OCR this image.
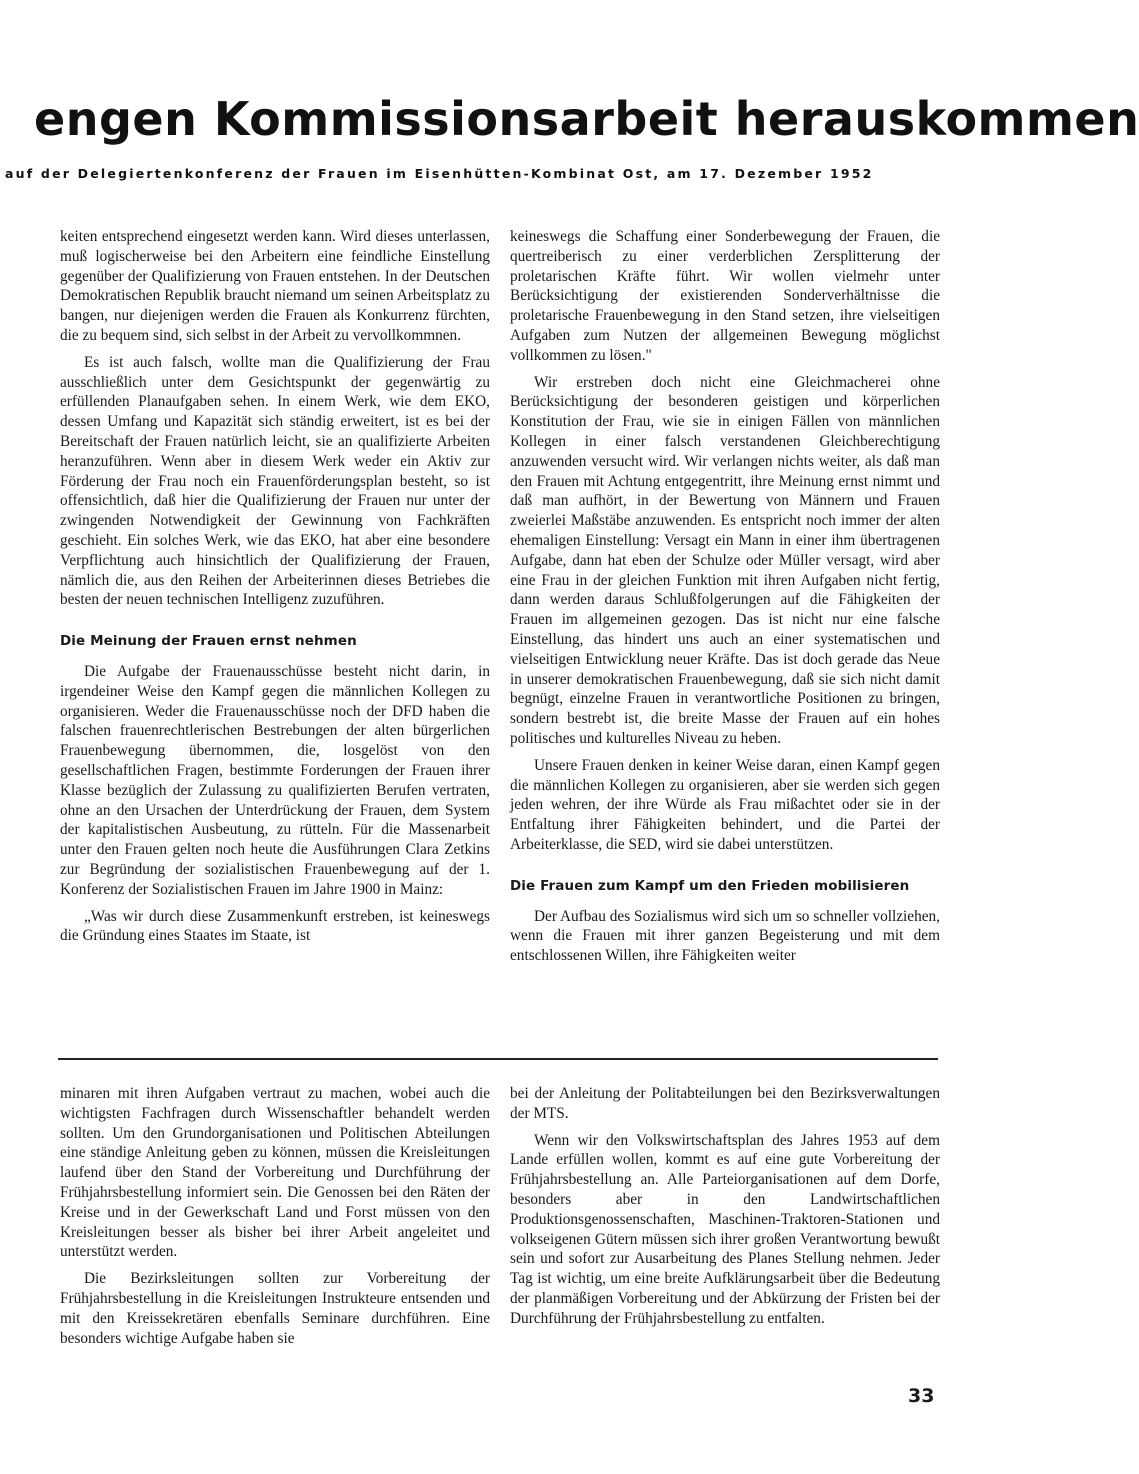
engen Kommissionsarbeit herauskommen
auf der Delegiertenkonferenz der Frauen im Eisenhütten-Kombinat Ost, am 17. Dezember 1952

keiten entsprechend eingesetzt werden kann. Wird dieses unterlassen, muß logischerweise bei den Arbeitern eine feindliche Einstellung gegenüber der Qualifizierung von Frauen entstehen. In der Deutschen Demokratischen Republik braucht niemand um seinen Arbeitsplatz zu bangen, nur diejenigen werden die Frauen als Konkurrenz fürchten, die zu bequem sind, sich selbst in der Arbeit zu vervollkommnen.

Es ist auch falsch, wollte man die Qualifizierung der Frau ausschließlich unter dem Gesichtspunkt der gegenwärtig zu erfüllenden Planaufgaben sehen. In einem Werk, wie dem EKO, dessen Umfang und Kapazität sich ständig erweitert, ist es bei der Bereitschaft der Frauen natürlich leicht, sie an qualifizierte Arbeiten heranzuführen. Wenn aber in diesem Werk weder ein Aktiv zur Förderung der Frau noch ein Frauenförderungsplan besteht, so ist offensichtlich, daß hier die Qualifizierung der Frauen nur unter der zwingenden Notwendigkeit der Gewinnung von Fachkräften geschieht. Ein solches Werk, wie das EKO, hat aber eine besondere Verpflichtung auch hinsichtlich der Qualifizierung der Frauen, nämlich die, aus den Reihen der Arbeiterinnen dieses Betriebes die besten der neuen technischen Intelligenz zuzuführen.

Die Meinung der Frauen ernst nehmen

Die Aufgabe der Frauenausschüsse besteht nicht darin, in irgendeiner Weise den Kampf gegen die männlichen Kollegen zu organisieren. Weder die Frauenausschüsse noch der DFD haben die falschen frauenrechtlerischen Bestrebungen der alten bürgerlichen Frauenbewegung übernommen, die, losgelöst von den gesellschaftlichen Fragen, bestimmte Forderungen der Frauen ihrer Klasse bezüglich der Zulassung zu qualifizierten Berufen vertraten, ohne an den Ursachen der Unterdrückung der Frauen, dem System der kapitalistischen Ausbeutung, zu rütteln. Für die Massenarbeit unter den Frauen gelten noch heute die Ausführungen Clara Zetkins zur Begründung der sozialistischen Frauenbewegung auf der 1. Konferenz der Sozialistischen Frauen im Jahre 1900 in Mainz:

„Was wir durch diese Zusammenkunft erstreben, ist keineswegs die Gründung eines Staates im Staate, ist

keineswegs die Schaffung einer Sonderbewegung der Frauen, die quertreiberisch zu einer verderblichen Zersplitterung der proletarischen Kräfte führt. Wir wollen vielmehr unter Berücksichtigung der existierenden Sonderverhältnisse die proletarische Frauenbewegung in den Stand setzen, ihre vielseitigen Aufgaben zum Nutzen der allgemeinen Bewegung möglichst vollkommen zu lösen."

Wir erstreben doch nicht eine Gleichmacherei ohne Berücksichtigung der besonderen geistigen und körperlichen Konstitution der Frau, wie sie in einigen Fällen von männlichen Kollegen in einer falsch verstandenen Gleichberechtigung anzuwenden versucht wird. Wir verlangen nichts weiter, als daß man den Frauen mit Achtung entgegentritt, ihre Meinung ernst nimmt und daß man aufhört, in der Bewertung von Männern und Frauen zweierlei Maßstäbe anzuwenden. Es entspricht noch immer der alten ehemaligen Einstellung: Versagt ein Mann in einer ihm übertragenen Aufgabe, dann hat eben der Schulze oder Müller versagt, wird aber eine Frau in der gleichen Funktion mit ihren Aufgaben nicht fertig, dann werden daraus Schlußfolgerungen auf die Fähigkeiten der Frauen im allgemeinen gezogen. Das ist nicht nur eine falsche Einstellung, das hindert uns auch an einer systematischen und vielseitigen Entwicklung neuer Kräfte. Das ist doch gerade das Neue in unserer demokratischen Frauenbewegung, daß sie sich nicht damit begnügt, einzelne Frauen in verantwortliche Positionen zu bringen, sondern bestrebt ist, die breite Masse der Frauen auf ein hohes politisches und kulturelles Niveau zu heben.

Unsere Frauen denken in keiner Weise daran, einen Kampf gegen die männlichen Kollegen zu organisieren, aber sie werden sich gegen jeden wehren, der ihre Würde als Frau mißachtet oder sie in der Entfaltung ihrer Fähigkeiten behindert, und die Partei der Arbeiterklasse, die SED, wird sie dabei unterstützen.

Die Frauen zum Kampf um den Frieden mobilisieren

Der Aufbau des Sozialismus wird sich um so schneller vollziehen, wenn die Frauen mit ihrer ganzen Begeisterung und mit dem entschlossenen Willen, ihre Fähigkeiten weiter

minaren mit ihren Aufgaben vertraut zu machen, wobei auch die wichtigsten Fachfragen durch Wissenschaftler behandelt werden sollten. Um den Grundorganisationen und Politischen Abteilungen eine ständige Anleitung geben zu können, müssen die Kreisleitungen laufend über den Stand der Vorbereitung und Durchführung der Frühjahrsbestellung informiert sein. Die Genossen bei den Räten der Kreise und in der Gewerkschaft Land und Forst müssen von den Kreisleitungen besser als bisher bei ihrer Arbeit angeleitet und unterstützt werden.

Die Bezirksleitungen sollten zur Vorbereitung der Frühjahrsbestellung in die Kreisleitungen Instrukteure entsenden und mit den Kreissekretären ebenfalls Seminare durchführen. Eine besonders wichtige Aufgabe haben sie

bei der Anleitung der Politabteilungen bei den Bezirksverwaltungen der MTS.

Wenn wir den Volkswirtschaftsplan des Jahres 1953 auf dem Lande erfüllen wollen, kommt es auf eine gute Vorbereitung der Frühjahrsbestellung an. Alle Parteiorganisationen auf dem Dorfe, besonders aber in den Landwirtschaftlichen Produktionsgenossenschaften, Maschinen-Traktoren-Stationen und volkseigenen Gütern müssen sich ihrer großen Verantwortung bewußt sein und sofort zur Ausarbeitung des Planes Stellung nehmen. Jeder Tag ist wichtig, um eine breite Aufklärungsarbeit über die Bedeutung der planmäßigen Vorbereitung und der Abkürzung der Fristen bei der Durchführung der Frühjahrsbestellung zu entfalten.

33
